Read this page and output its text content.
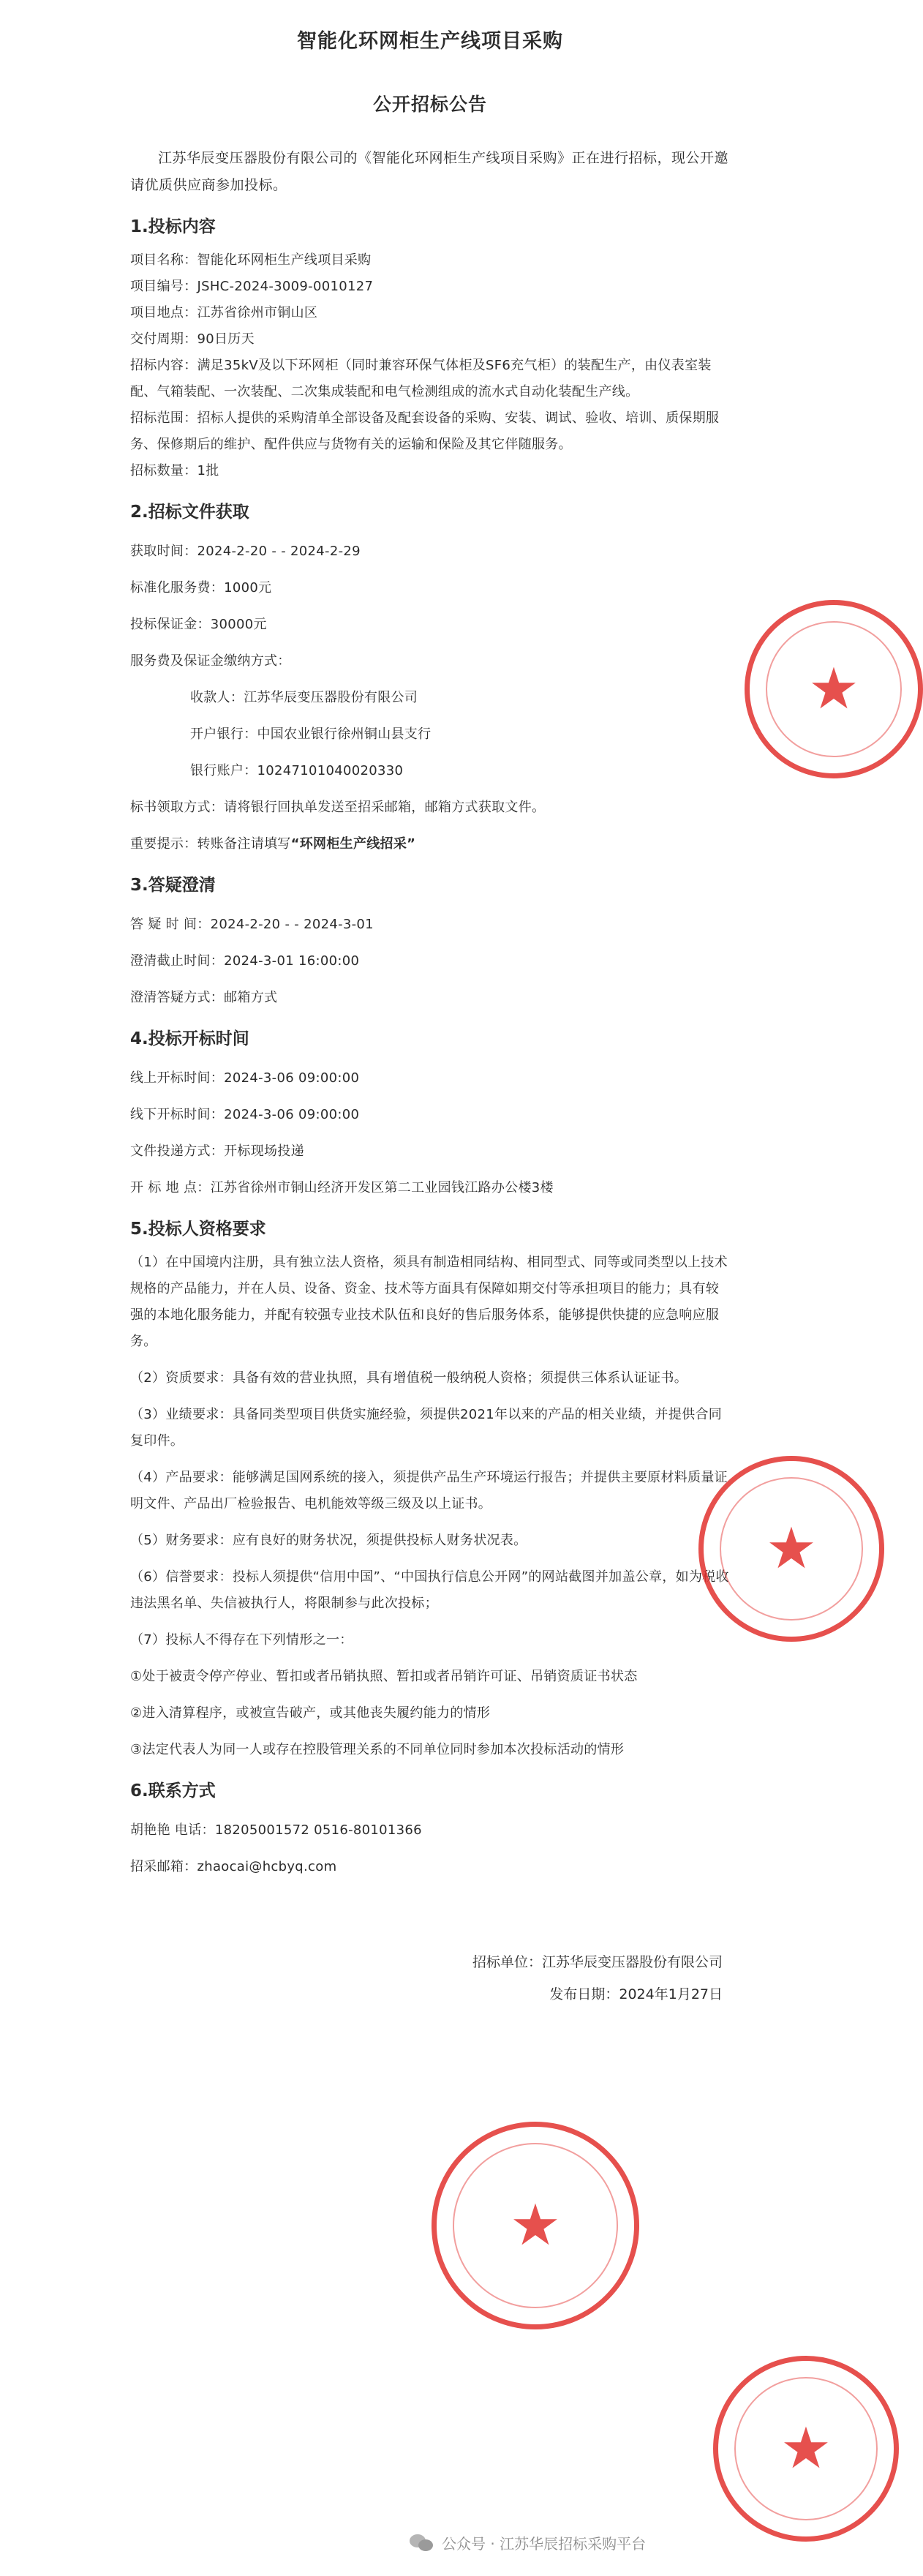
智能化环网柜生产线项目采购
公开招标公告

江苏华辰变压器股份有限公司的《智能化环网柜生产线项目采购》正在进行招标，现公开邀请优质供应商参加投标。

1.投标内容

项目名称：智能化环网柜生产线项目采购

项目编号：JSHC-2024-3009-0010127

项目地点：江苏省徐州市铜山区

交付周期：90日历天

招标内容：满足35kV及以下环网柜（同时兼容环保气体柜及SF6充气柜）的装配生产，由仪表室装配、气箱装配、一次装配、二次集成装配和电气检测组成的流水式自动化装配生产线。

招标范围：招标人提供的采购清单全部设备及配套设备的采购、安装、调试、验收、培训、质保期服务、保修期后的维护、配件供应与货物有关的运输和保险及其它伴随服务。

招标数量：1批

2.招标文件获取

获取时间：2024-2-20 - - 2024-2-29

标准化服务费：1000元

投标保证金：30000元

服务费及保证金缴纳方式：

收款人：江苏华辰变压器股份有限公司

开户银行：中国农业银行徐州铜山县支行

银行账户：10247101040020330

标书领取方式：请将银行回执单发送至招采邮箱，邮箱方式获取文件。

重要提示：转账备注请填写“环网柜生产线招采”

3.答疑澄清

答 疑 时 间：2024-2-20 - - 2024-3-01

澄清截止时间：2024-3-01 16:00:00

澄清答疑方式：邮箱方式

4.投标开标时间

线上开标时间：2024-3-06 09:00:00

线下开标时间：2024-3-06 09:00:00

文件投递方式：开标现场投递

开 标 地 点：江苏省徐州市铜山经济开发区第二工业园钱江路办公楼3楼

5.投标人资格要求

（1）在中国境内注册，具有独立法人资格，须具有制造相同结构、相同型式、同等或同类型以上技术规格的产品能力，并在人员、设备、资金、技术等方面具有保障如期交付等承担项目的能力；具有较强的本地化服务能力，并配有较强专业技术队伍和良好的售后服务体系，能够提供快捷的应急响应服务。

（2）资质要求：具备有效的营业执照，具有增值税一般纳税人资格；须提供三体系认证证书。

（3）业绩要求：具备同类型项目供货实施经验，须提供2021年以来的产品的相关业绩，并提供合同复印件。

（4）产品要求：能够满足国网系统的接入，须提供产品生产环境运行报告；并提供主要原材料质量证明文件、产品出厂检验报告、电机能效等级三级及以上证书。

（5）财务要求：应有良好的财务状况，须提供投标人财务状况表。

（6）信誉要求：投标人须提供“信用中国”、“中国执行信息公开网”的网站截图并加盖公章，如为税收违法黑名单、失信被执行人，将限制参与此次投标；

（7）投标人不得存在下列情形之一：

①处于被责令停产停业、暂扣或者吊销执照、暂扣或者吊销许可证、吊销资质证书状态

②进入清算程序，或被宣告破产，或其他丧失履约能力的情形

③法定代表人为同一人或存在控股管理关系的不同单位同时参加本次投标活动的情形

6.联系方式

胡艳艳 电话：18205001572 0516-80101366

招采邮箱：zhaocai@hcbyq.com

招标单位：江苏华辰变压器股份有限公司
发布日期：2024年1月27日
★
★
★
★
公众号 · 江苏华辰招标采购平台
